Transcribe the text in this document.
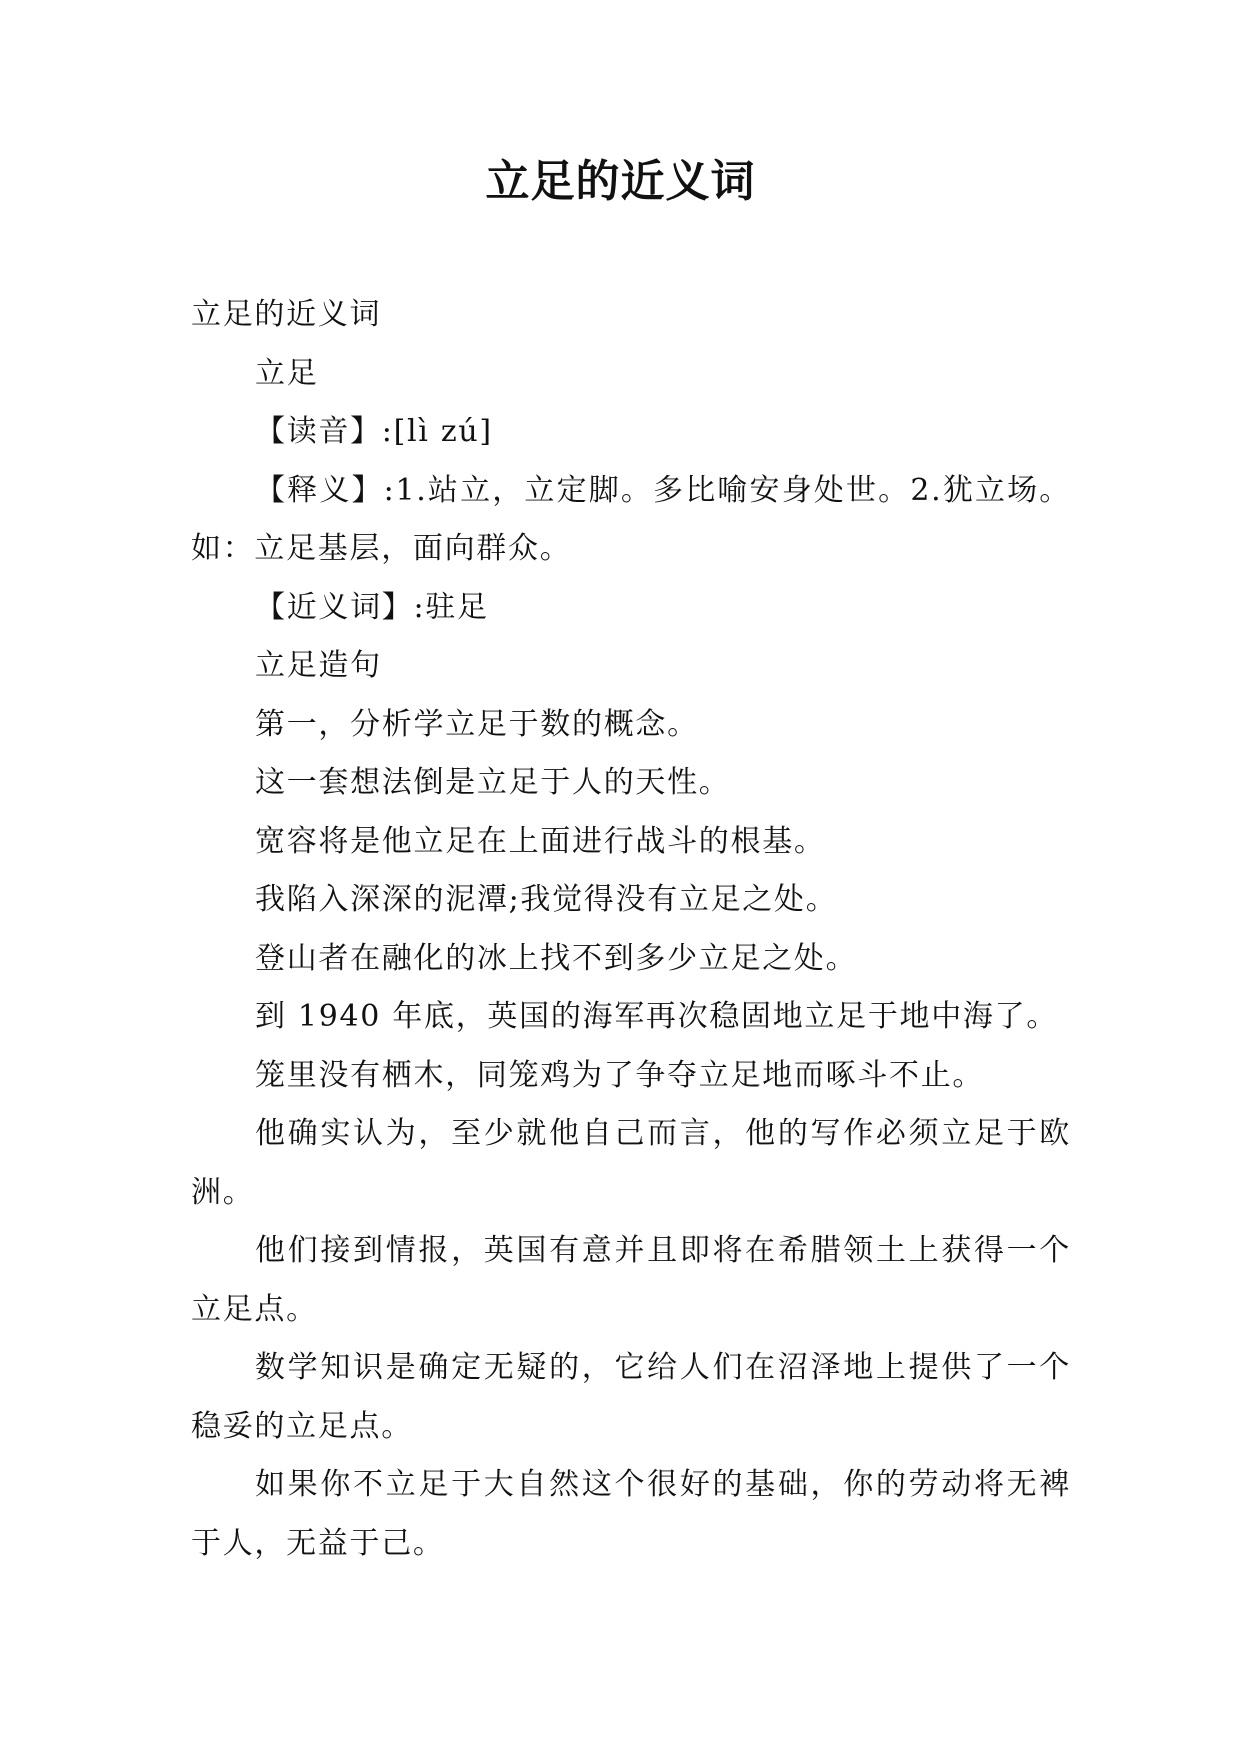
立足的近义词

立足的近义词

立足

【读音】:[lì zú]

【释义】:1.站立，立定脚。多比喻安身处世。2.犹立场。如：立足基层，面向群众。

【近义词】:驻足

立足造句

第一，分析学立足于数的概念。

这一套想法倒是立足于人的天性。

宽容将是他立足在上面进行战斗的根基。

我陷入深深的泥潭;我觉得没有立足之处。

登山者在融化的冰上找不到多少立足之处。

到 1940 年底，英国的海军再次稳固地立足于地中海了。

笼里没有栖木，同笼鸡为了争夺立足地而啄斗不止。

他确实认为，至少就他自己而言，他的写作必须立足于欧洲。

他们接到情报，英国有意并且即将在希腊领土上获得一个立足点。

数学知识是确定无疑的，它给人们在沼泽地上提供了一个稳妥的立足点。

如果你不立足于大自然这个很好的基础，你的劳动将无裨于人，无益于己。
